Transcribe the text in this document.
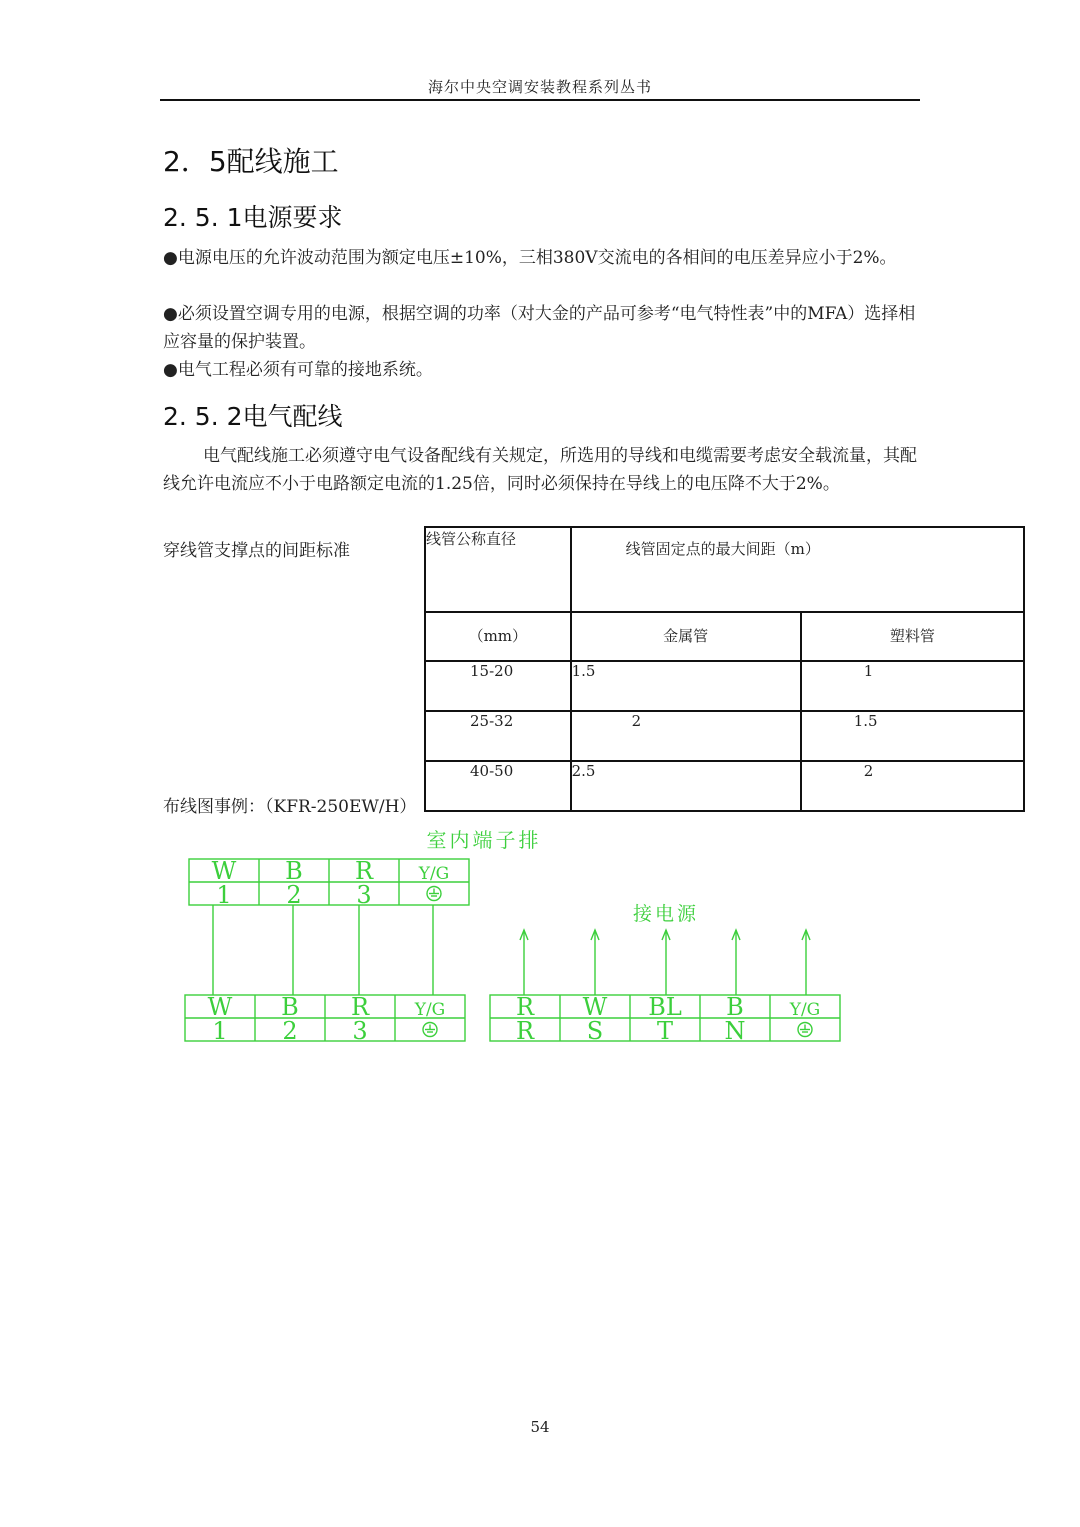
海尔中央空调安装教程系列丛书
2．5配线施工
2. 5. 1电源要求
●电源电压的允许波动范围为额定电压±10%，三相380V交流电的各相间的电压差异应小于2%。
●必须设置空调专用的电源，根据空调的功率（对大金的产品可参考“电气特性表”中的MFA）选择相应容量的保护装置。
●电气工程必须有可靠的接地系统。
2. 5. 2电气配线
电气配线施工必须遵守电气设备配线有关规定，所选用的导线和电缆需要考虑安全载流量，其配线允许电流应不小于电路额定电流的1.25倍，同时必须保持在导线上的电压降不大于2%。
穿线管支撑点的间距标准
线管公称直径	线管固定点的最大间距（m）	
（mm）	金属管	塑料管
15-20	1.5	1
25-32	2	1.5
40-50	2.5	2
布线图事例：（KFR-250EW/H）
W B R	Y/G
1 2 3
W B R	Y/G
1 2 3
R W BL B	Y/G
R S T N
室内端子排
接电源
54
